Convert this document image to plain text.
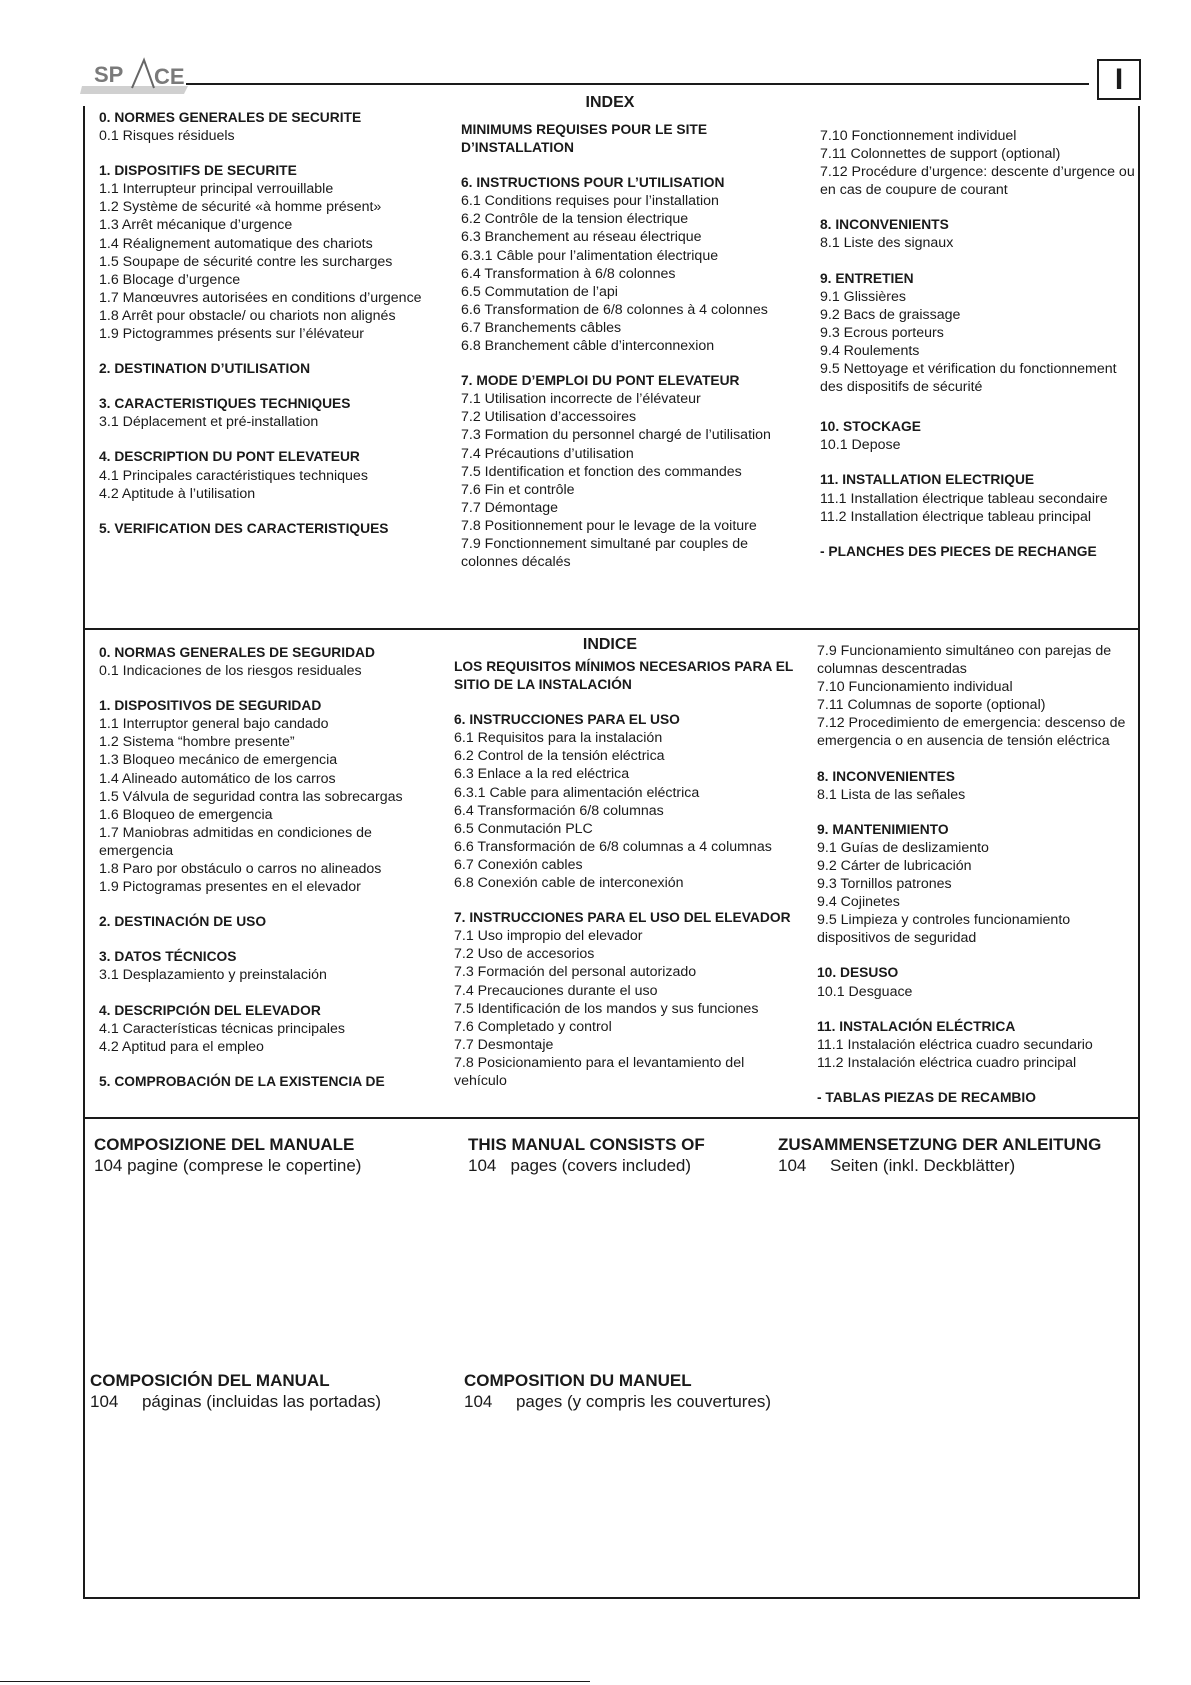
SP CE	I
INDEX
0. NORMES GENERALES DE SECURITE
0.1 Risques résiduels
1. DISPOSITIFS DE SECURITE
1.1 Interrupteur principal verrouillable
1.2 Système de sécurité «à homme présent»
1.3 Arrêt mécanique d’urgence
1.4 Réalignement automatique des chariots
1.5 Soupape de sécurité contre les surcharges
1.6 Blocage d’urgence
1.7 Manœuvres autorisées en conditions d’urgence
1.8 Arrêt pour obstacle/ ou chariots non alignés
1.9 Pictogrammes présents sur l’élévateur
2. DESTINATION D’UTILISATION
3. CARACTERISTIQUES TECHNIQUES
3.1 Déplacement et pré-installation
4. DESCRIPTION DU PONT ELEVATEUR
4.1 Principales caractéristiques techniques
4.2 Aptitude à l’utilisation
5. VERIFICATION DES CARACTERISTIQUES
MINIMUMS REQUISES POUR LE SITE D’INSTALLATION
6. INSTRUCTIONS POUR L’UTILISATION
6.1 Conditions requises pour l’installation
6.2 Contrôle de la tension électrique
6.3 Branchement au réseau électrique
6.3.1 Câble pour l’alimentation électrique
6.4 Transformation à 6/8 colonnes
6.5 Commutation de l’api
6.6 Transformation de 6/8 colonnes à 4 colonnes
6.7 Branchements câbles
6.8 Branchement câble d’interconnexion
7. MODE D’EMPLOI DU PONT ELEVATEUR
7.1 Utilisation incorrecte de l’élévateur
7.2 Utilisation d’accessoires
7.3 Formation du personnel chargé de l’utilisation
7.4 Précautions d’utilisation
7.5 Identification et fonction des commandes
7.6 Fin et contrôle
7.7 Démontage
7.8 Positionnement pour le levage de la voiture
7.9 Fonctionnement simultané par couples de colonnes décalés
7.10 Fonctionnement individuel
7.11 Colonnettes de support (optional)
7.12 Procédure d’urgence: descente d’urgence ou en cas de coupure de courant
8. INCONVENIENTS
8.1 Liste des signaux
9. ENTRETIEN
9.1 Glissières
9.2 Bacs de graissage
9.3 Ecrous porteurs
9.4 Roulements
9.5 Nettoyage et vérification du fonctionnement des dispositifs de sécurité
10. STOCKAGE
10.1 Depose
11. INSTALLATION ELECTRIQUE
11.1 Installation électrique tableau secondaire
11.2 Installation électrique tableau principal
- PLANCHES DES PIECES DE RECHANGE
INDICE
0. NORMAS GENERALES DE SEGURIDAD
0.1 Indicaciones de los riesgos residuales
1. DISPOSITIVOS DE SEGURIDAD
1.1 Interruptor general bajo candado
1.2 Sistema “hombre presente”
1.3 Bloqueo mecánico de emergencia
1.4 Alineado automático de los carros
1.5 Válvula de seguridad contra las sobrecargas
1.6 Bloqueo de emergencia
1.7 Maniobras admitidas en condiciones de emergencia
1.8 Paro por obstáculo o carros no alineados
1.9 Pictogramas presentes en el elevador
2. DESTINACIÓN DE USO
3. DATOS TÉCNICOS
3.1 Desplazamiento y preinstalación
4. DESCRIPCIÓN DEL ELEVADOR
4.1 Características técnicas principales
4.2 Aptitud para el empleo
5. COMPROBACIÓN DE LA EXISTENCIA DE
LOS REQUISITOS MÍNIMOS NECESARIOS PARA EL SITIO DE LA INSTALACIÓN
6. INSTRUCCIONES PARA EL USO
6.1 Requisitos para la instalación
6.2 Control de la tensión eléctrica
6.3 Enlace a la red eléctrica
6.3.1 Cable para alimentación eléctrica
6.4 Transformación 6/8 columnas
6.5 Conmutación PLC
6.6 Transformación de 6/8 columnas a 4 columnas
6.7 Conexión cables
6.8 Conexión cable de interconexión
7. INSTRUCCIONES PARA EL USO DEL ELEVADOR
7.1 Uso impropio del elevador
7.2 Uso de accesorios
7.3 Formación del personal autorizado
7.4 Precauciones durante el uso
7.5 Identificación de los mandos y sus funciones
7.6 Completado y control
7.7 Desmontaje
7.8 Posicionamiento para el levantamiento del vehículo
7.9 Funcionamiento simultáneo con parejas de columnas descentradas
7.10 Funcionamiento individual
7.11 Columnas de soporte (optional)
7.12 Procedimiento de emergencia: descenso de emergencia o en ausencia de tensión eléctrica
8. INCONVENIENTES
8.1 Lista de las señales
9. MANTENIMIENTO
9.1 Guías de deslizamiento
9.2 Cárter de lubricación
9.3 Tornillos patrones
9.4 Cojinetes
9.5 Limpieza y controles funcionamiento dispositivos de seguridad
10. DESUSO
10.1 Desguace
11. INSTALACIÓN ELÉCTRICA
11.1 Instalación eléctrica cuadro secundario
11.2 Instalación eléctrica cuadro principal
- TABLAS PIEZAS DE RECAMBIO
COMPOSIZIONE DEL MANUALE
104 pagine (comprese le copertine)
THIS MANUAL CONSISTS OF
104   pages (covers included)
ZUSAMMENSETZUNG DER ANLEITUNG
104     Seiten (inkl. Deckblätter)
COMPOSICIÓN DEL MANUAL
104     páginas (incluidas las portadas)
COMPOSITION DU MANUEL
104     pages (y compris les couvertures)
